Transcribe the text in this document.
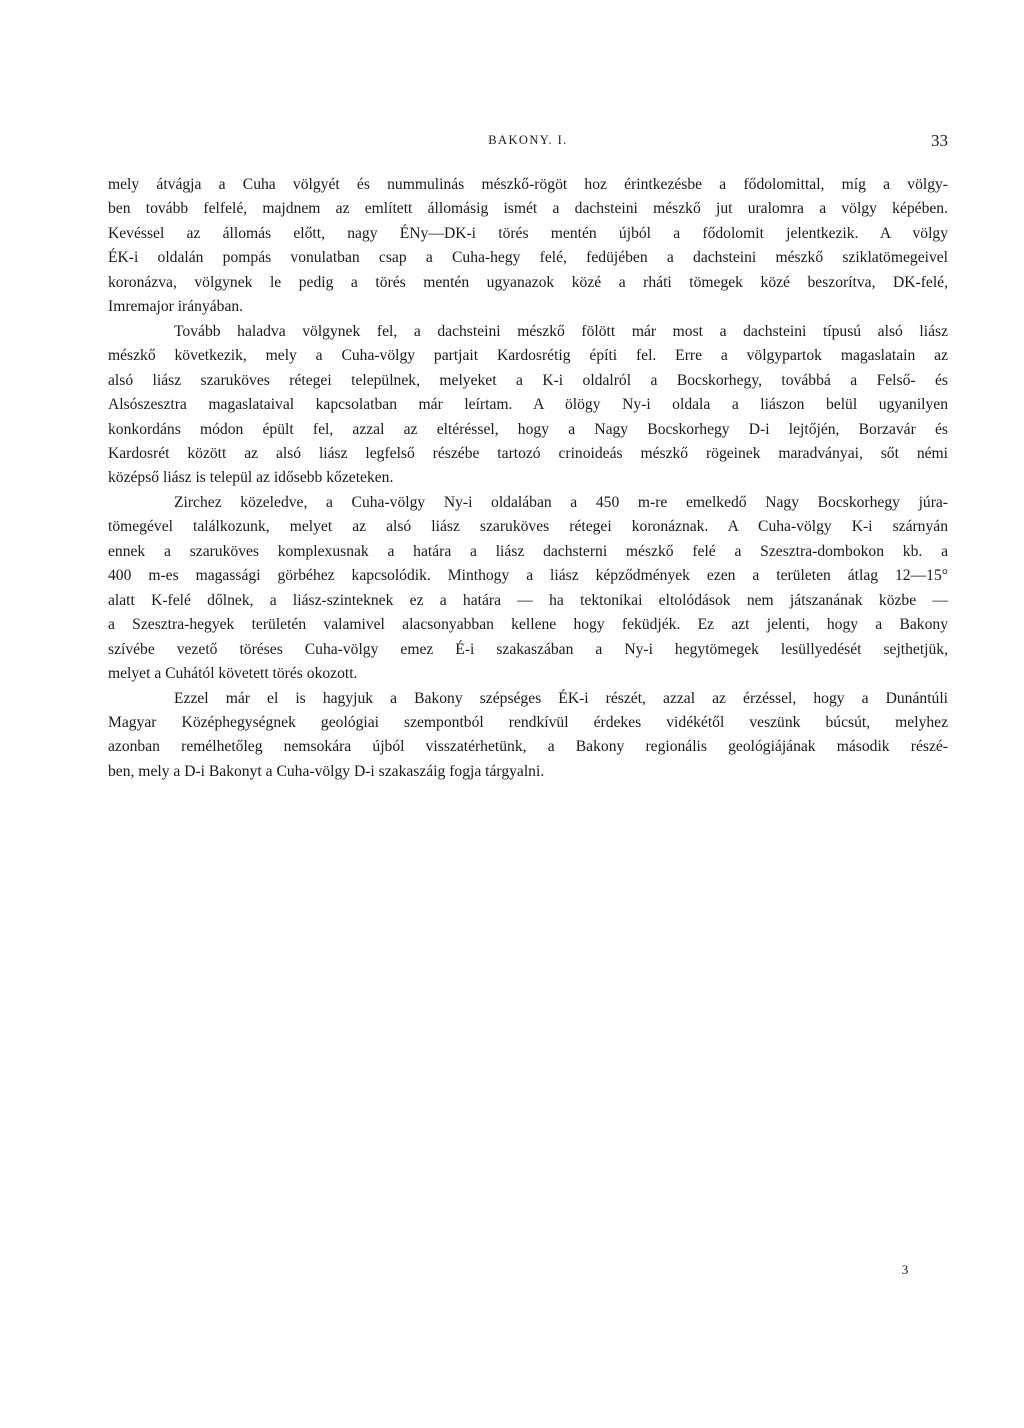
BAKONY. I.	33

mely átvágja a Cuha völgyét és nummulinás mészkő-rögöt hoz érintkezésbe a fődolomittal, míg a völgy-
ben tovább felfelé, majdnem az említett állomásig ismét a dachsteini mészkő jut uralomra a völgy képében.
Kevéssel az állomás előtt, nagy ÉNy—DK-i törés mentén újból a fődolomit jelentkezik. A völgy
ÉK-i oldalán pompás vonulatban csap a Cuha-hegy felé, fedüjében a dachsteini mészkő sziklatömegeivel
koronázva, völgynek le pedig a törés mentén ugyanazok közé a rháti tömegek közé beszorítva, DK-felé,
Imremajor irányában.

Tovább haladva völgynek fel, a dachsteini mészkő fölött már most a dachsteini típusú alsó liász
mészkő következik, mely a Cuha-völgy partjait Kardosrétig építi fel. Erre a völgypartok magaslatain az
alsó liász szaruköves rétegei települnek, melyeket a K-i oldalról a Bocskorhegy, továbbá a Felső- és
Alsószesztra magaslataival kapcsolatban már leírtam. A ölögy Ny-i oldala a liászon belül ugyanilyen
konkordáns módon épült fel, azzal az eltéréssel, hogy a Nagy Bocskorhegy D-i lejtőjén, Borzavár és
Kardosrét között az alsó liász legfelső részébe tartozó crinoideás mészkő rögeinek maradványai, sőt némi
középső liász is települ az idősebb kőzeteken.

Zirchez közeledve, a Cuha-völgy Ny-i oldalában a 450 m-re emelkedő Nagy Bocskorhegy júra-
tömegével találkozunk, melyet az alsó liász szaruköves rétegei koronáznak. A Cuha-völgy K-i szárnyán
ennek a szaruköves komplexusnak a határa a liász dachsterni mészkő felé a Szesztra-dombokon kb. a
400 m-es magassági görbéhez kapcsolódik. Minthogy a liász képződmények ezen a területen átlag 12—15°
alatt K-felé dőlnek, a liász-szinteknek ez a határa — ha tektonikai eltolódások nem játszanának közbe —
a Szesztra-hegyek területén valamivel alacsonyabban kellene hogy feküdjék. Ez azt jelenti, hogy a Bakony
szívébe vezető töréses Cuha-völgy emez É-i szakaszában a Ny-i hegytömegek lesüllyedését sejthetjük,
melyet a Cuhától követett törés okozott.

Ezzel már el is hagyjuk a Bakony szépséges ÉK-i részét, azzal az érzéssel, hogy a Dunántúli
Magyar Középhegységnek geológiai szempontból rendkívül érdekes vidékétől veszünk búcsút, melyhez
azonban remélhetőleg nemsokára újból visszatérhetünk, a Bakony regionális geológiájának második részé-
ben, mely a D-i Bakonyt a Cuha-völgy D-i szakaszáig fogja tárgyalni.

3
